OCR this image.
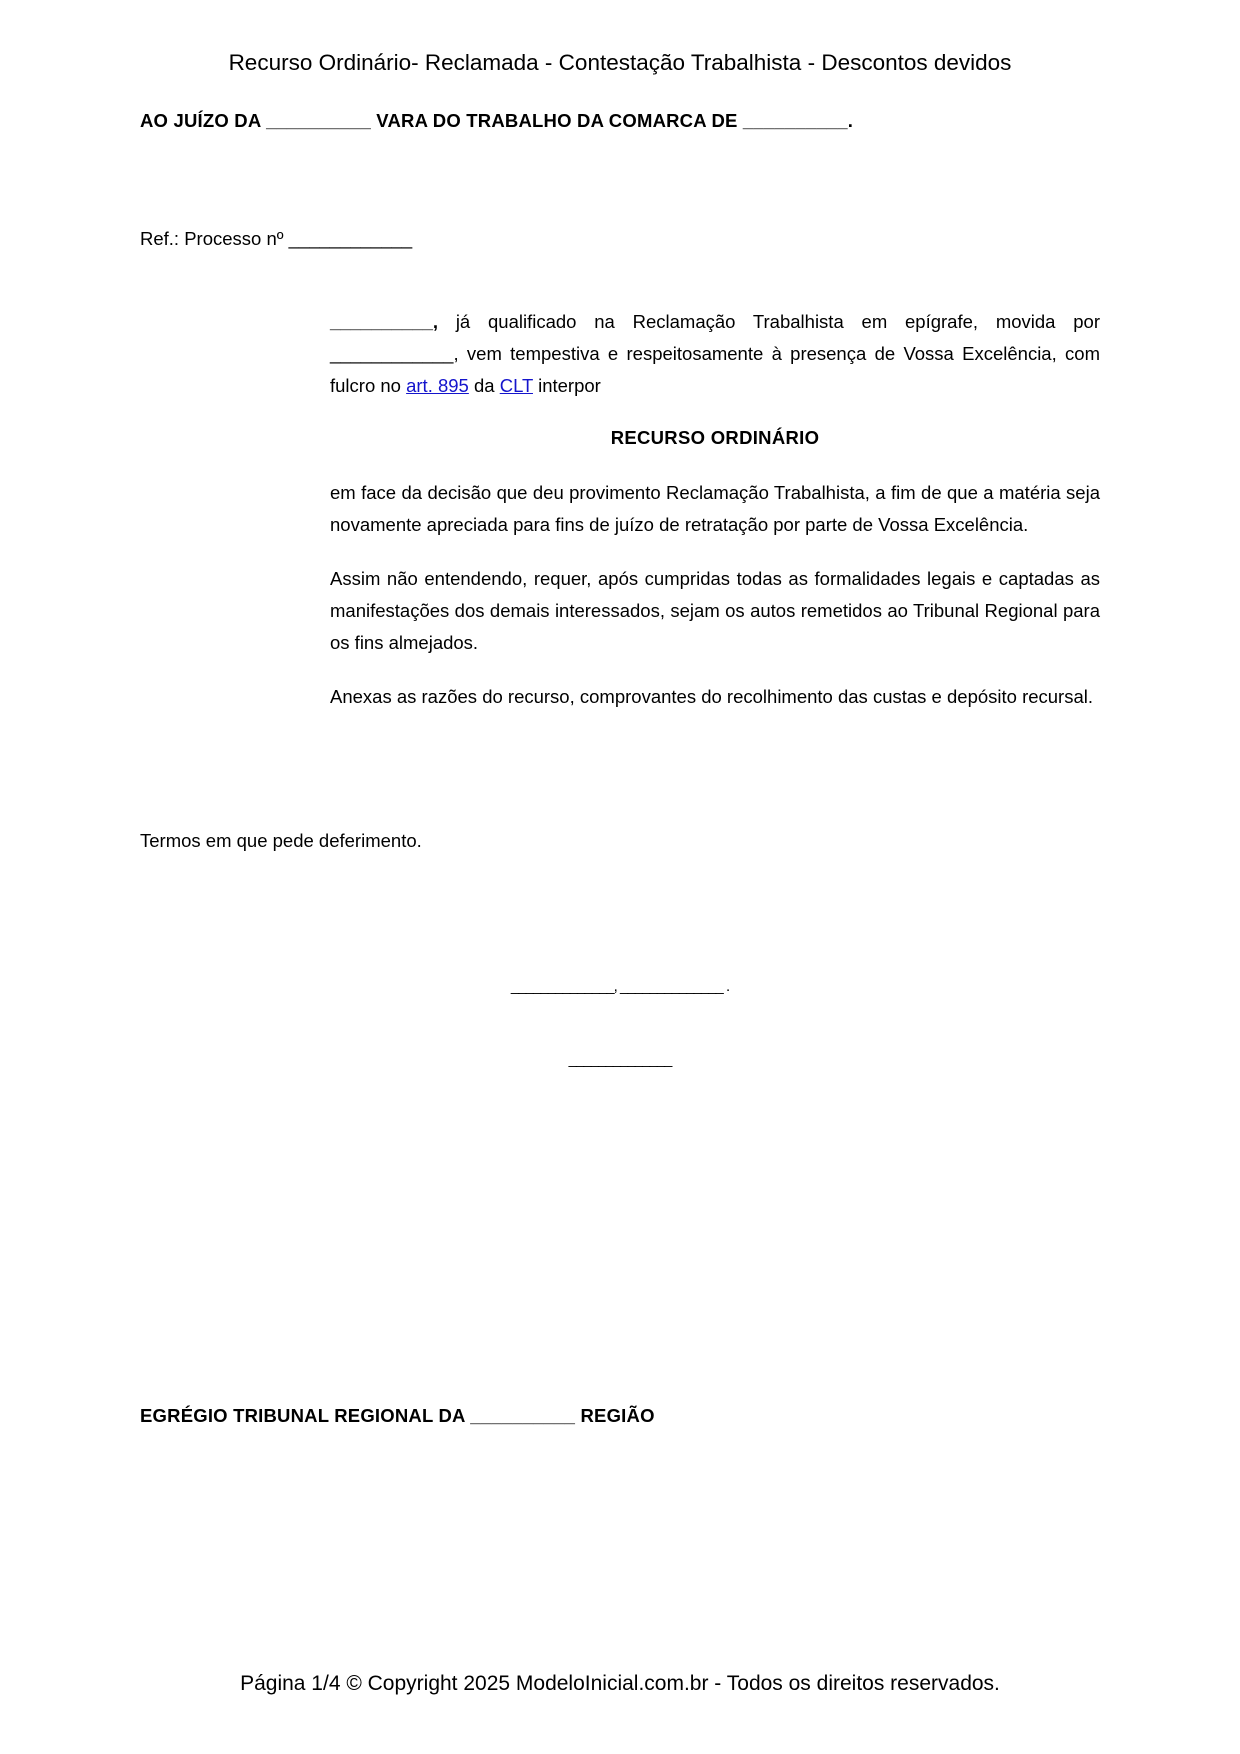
Recurso Ordinário- Reclamada - Contestação Trabalhista - Descontos devidos

AO JUÍZO DA __________ VARA DO TRABALHO DA COMARCA DE __________.

Ref.: Processo nº ____________

__________, já qualificado na Reclamação Trabalhista em epígrafe, movida por ____________, vem tempestiva e respeitosamente à presença de Vossa Excelência, com fulcro no art. 895 da CLT interpor

RECURSO ORDINÁRIO

em face da decisão que deu provimento Reclamação Trabalhista, a fim de que a matéria seja novamente apreciada para fins de juízo de retratação por parte de Vossa Excelência.

Assim não entendendo, requer, após cumpridas todas as formalidades legais e captadas as manifestações dos demais interessados, sejam os autos remetidos ao Tribunal Regional para os fins almejados.

Anexas as razões do recurso, comprovantes do recolhimento das custas e depósito recursal.

Termos em que pede deferimento.

______________, ______________ .

______________

EGRÉGIO TRIBUNAL REGIONAL DA __________ REGIÃO

Página 1/4 © Copyright 2025 ModeloInicial.com.br - Todos os direitos reservados.
